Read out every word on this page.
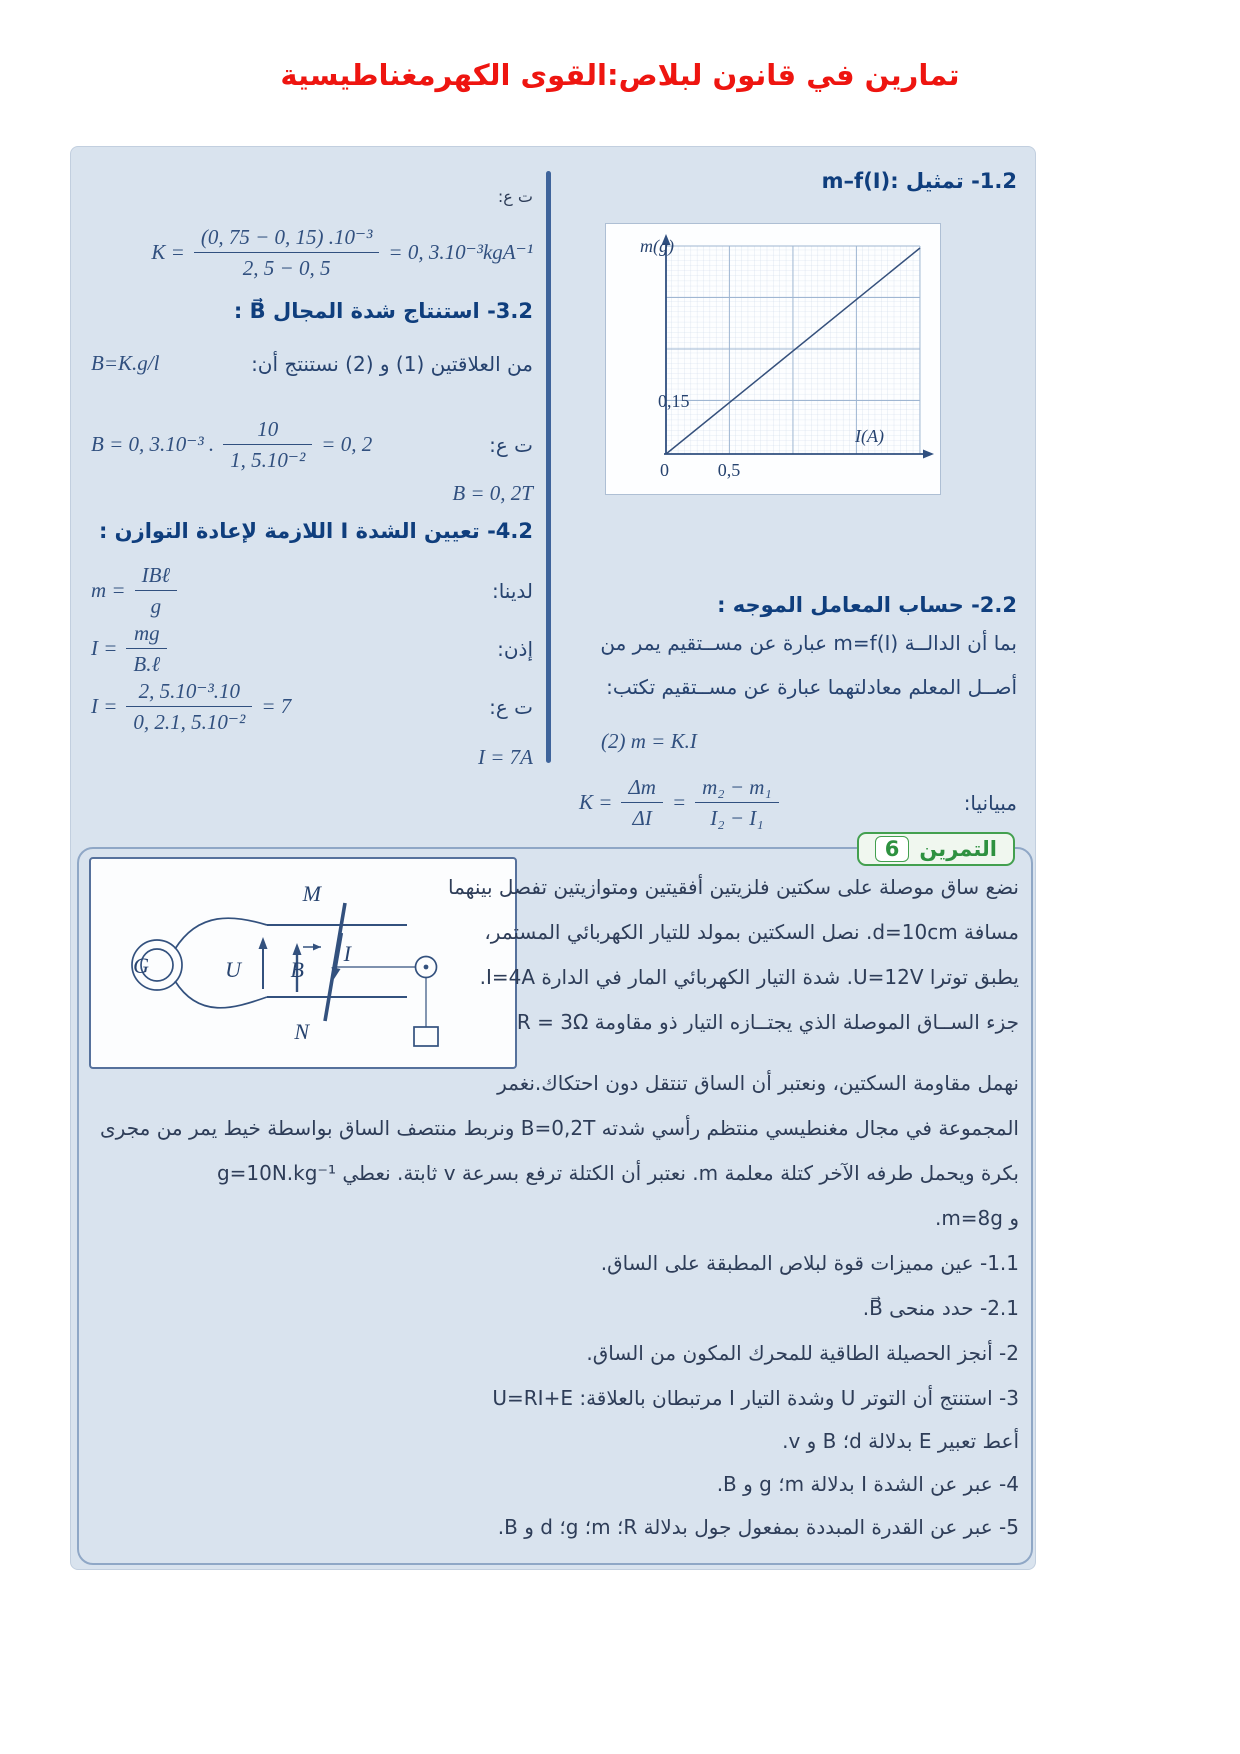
تمارين في قانون لبلاص:القوى الكهرمغناطيسية
ت ع:
$K = \frac{\text{(0, 75 − 0, 15) .10⁻³}}{2, 5 - 0, 5} = 0$, 3.10⁻³kgA⁻¹
3.2- استنتاج شدة المجال B⃗ :
B=K.g/l	من العلاقتين (1) و (2) نستنتج أن:
B = 0, 3.10⁻³ . $\frac{10}{\text{1, 5.10⁻²}} = 0$, 2	ت ع:
B = 0, 2T
4.2- تعيين الشدة I اللازمة لإعادة التوازن :
$m = \frac{\text{IBℓ}}{g}$	لدينا:
$I = \frac{mg}{\text{B.ℓ}}$	إذن:
$I = \frac{\text{2, 5.10⁻³.10}}{\text{0, 2.1, 5.10⁻²}} = 7$	ت ع:
I = 7A
1.2- تمثيل :m–f(I)
m(g)
I(A)
0	0,5
0,15
2.2- حساب المعامل الموجه :
بما أن الدالــة m=f(I) عبارة عن مســتقيم يمر من
أصــل المعلم معادلتهما عبارة عن مســتقيم تكتب:
(2) m = K.I
$K = \frac{\Delta m}{\Delta I} = \frac{\text{m₂ − m₁}}{\text{I₂ − I₁}}$	مبيانيا:
التمرين
6
G	U B
M
N
I
نضع ساق موصلة على سكتين فلزيتين أفقيتين ومتوازيتين تفصل بينهما
مسافة d=10cm. نصل السكتين بمولد للتيار الكهربائي المستمر،
يطبق توترا U=12V. شدة التيار الكهربائي المار في الدارة I=4A.
جزء الســاق الموصلة الذي يجتــازه التيار ذو مقاومة R = 3Ω
نهمل مقاومة السكتين، ونعتبر أن الساق تنتقل دون احتكاك.نغمر
المجموعة في مجال مغنطيسي منتظم رأسي شدته B=0,2T ونربط منتصف الساق بواسطة خيط يمر من مجرى
بكرة ويحمل طرفه الآخر كتلة معلمة m. نعتبر أن الكتلة ترفع بسرعة v ثابتة. نعطي g=10N.kg⁻¹
و m=8g.
1.1- عين مميزات قوة لبلاص المطبقة على الساق.
2.1- حدد منحى B⃗.
2- أنجز الحصيلة الطاقية للمحرك المكون من الساق.
3- استنتج أن التوتر U وشدة التيار I مرتبطان بالعلاقة: U=RI+E
أعط تعبير E بدلالة d؛ B و v.
4- عبر عن الشدة I بدلالة m؛ g و B.
5- عبر عن القدرة المبددة بمفعول جول بدلالة R؛ m؛ g؛ d و B.
